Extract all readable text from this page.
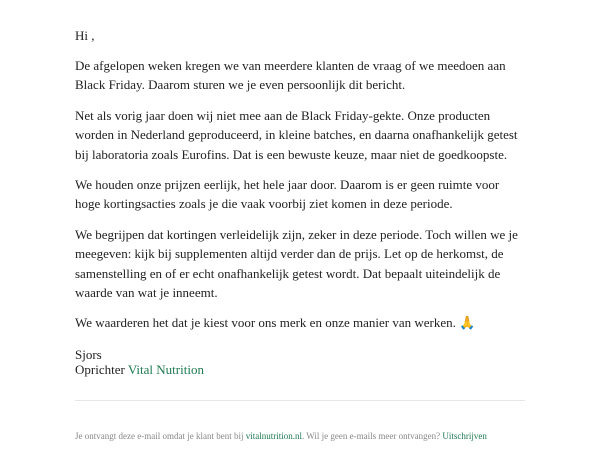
Hi ,

De afgelopen weken kregen we van meerdere klanten de vraag of we meedoen aan Black Friday. Daarom sturen we je even persoonlijk dit bericht.

Net als vorig jaar doen wij niet mee aan de Black Friday-gekte. Onze producten worden in Nederland geproduceerd, in kleine batches, en daarna onafhankelijk getest bij laboratoria zoals Eurofins. Dat is een bewuste keuze, maar niet de goedkoopste.

We houden onze prijzen eerlijk, het hele jaar door. Daarom is er geen ruimte voor hoge kortingsacties zoals je die vaak voorbij ziet komen in deze periode.

We begrijpen dat kortingen verleidelijk zijn, zeker in deze periode. Toch willen we je meegeven: kijk bij supplementen altijd verder dan de prijs. Let op de herkomst, de samenstelling en of er echt onafhankelijk getest wordt. Dat bepaalt uiteindelijk de waarde van wat je inneemt.

We waarderen het dat je kiest voor ons merk en onze manier van werken. 🙏

Sjors
Oprichter Vital Nutrition
Je ontvangt deze e-mail omdat je klant bent bij vitalnutrition.nl. Wil je geen e-mails meer ontvangen? Uitschrijven
